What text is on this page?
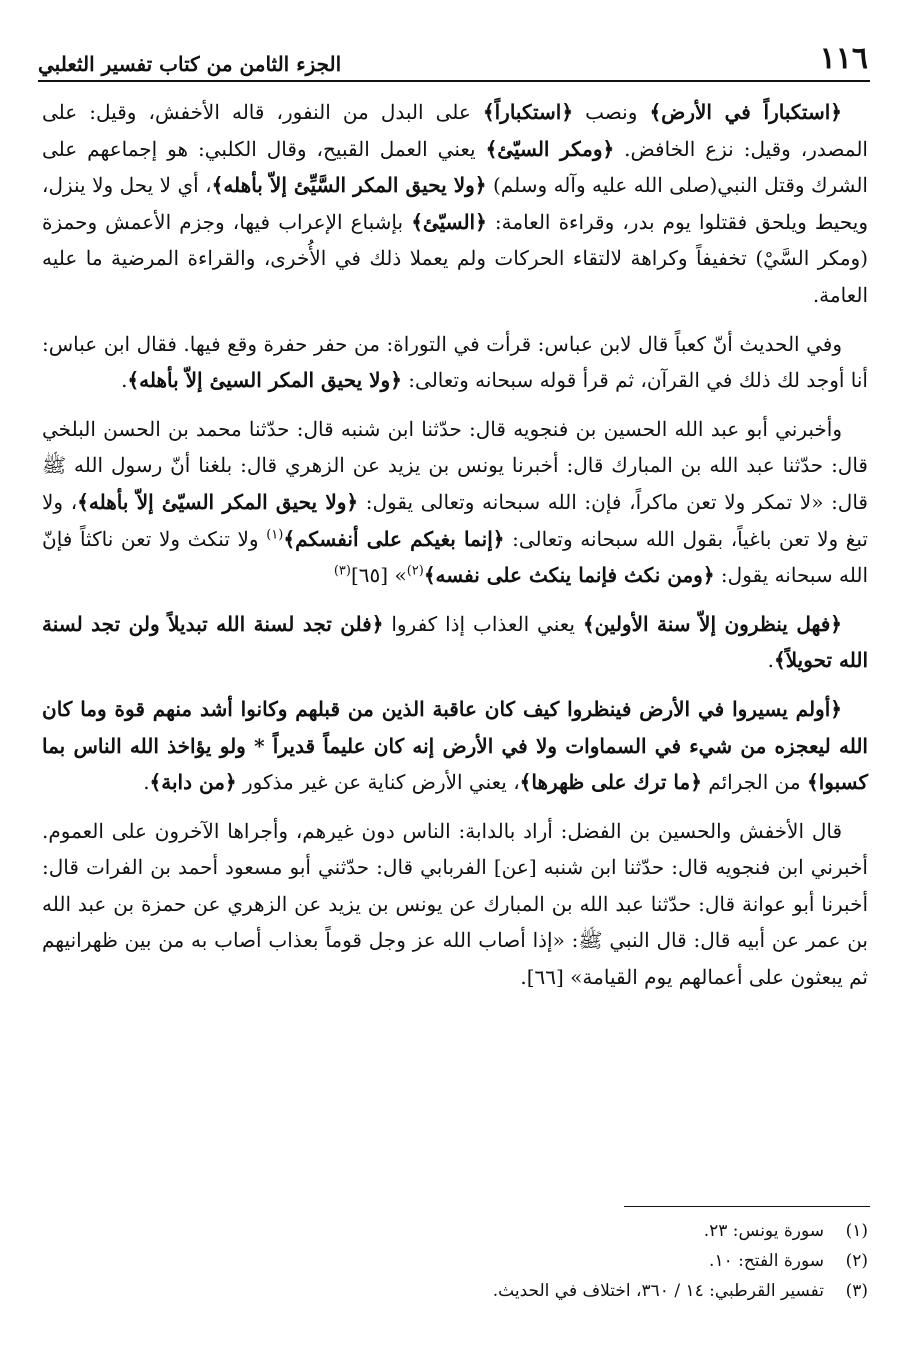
١١٦
الجزء الثامن من كتاب تفسير الثعلبي

﴿استكباراً في الأرض﴾ ونصب ﴿استكباراً﴾ على البدل من النفور، قاله الأخفش، وقيل: على المصدر، وقيل: نزع الخافض. ﴿ومكر السيّئ﴾ يعني العمل القبيح، وقال الكلبي: هو إجماعهم على الشرك وقتل النبي(صلى الله عليه وآله وسلم) ﴿ولا يحيق المكر السَّيِّئ إلاّ بأهله﴾، أي لا يحل ولا ينزل، ويحيط ويلحق فقتلوا يوم بدر، وقراءة العامة: ﴿السيّئ﴾ بإشباع الإعراب فيها، وجزم الأعمش وحمزة (ومكر السَّيْ) تخفيفاً وكراهة لالتقاء الحركات ولم يعملا ذلك في الأُخرى، والقراءة المرضية ما عليه العامة.

وفي الحديث أنّ كعباً قال لابن عباس: قرأت في التوراة: من حفر حفرة وقع فيها. فقال ابن عباس: أنا أوجد لك ذلك في القرآن، ثم قرأ قوله سبحانه وتعالى: ﴿ولا يحيق المكر السيئ إلاّ بأهله﴾.

وأخبرني أبو عبد الله الحسين بن فنجويه قال: حدّثنا ابن شنبه قال: حدّثنا محمد بن الحسن البلخي قال: حدّثنا عبد الله بن المبارك قال: أخبرنا يونس بن يزيد عن الزهري قال: بلغنا أنّ رسول الله ﷺ قال: «لا تمكر ولا تعن ماكراً، فإن: الله سبحانه وتعالى يقول: ﴿ولا يحيق المكر السيّئ إلاّ بأهله﴾، ولا تبغ ولا تعن باغياً، بقول الله سبحانه وتعالى: ﴿إنما بغيكم على أنفسكم﴾$^{(١)}$ ولا تنكث ولا تعن ناكثاً فإنّ الله سبحانه يقول: ﴿ومن نكث فإنما ينكث على نفسه﴾$^{(٢)}$» [٦٥]$^{(٣)}$

﴿فهل ينظرون إلاّ سنة الأولين﴾ يعني العذاب إذا كفروا ﴿فلن تجد لسنة الله تبديلاً ولن تجد لسنة الله تحويلاً﴾.

﴿أولم يسيروا في الأرض فينظروا كيف كان عاقبة الذين من قبلهم وكانوا أشد منهم قوة وما كان الله ليعجزه من شيء في السماوات ولا في الأرض إنه كان عليماً قديراً * ولو يؤاخذ الله الناس بما كسبوا﴾ من الجرائم ﴿ما ترك على ظهرها﴾، يعني الأرض كناية عن غير مذكور ﴿من دابة﴾.

قال الأخفش والحسين بن الفضل: أراد بالدابة: الناس دون غيرهم، وأجراها الآخرون على العموم. أخبرني ابن فنجويه قال: حدّثنا ابن شنبه [عن] الفربابي قال: حدّثني أبو مسعود أحمد بن الفرات قال: أخبرنا أبو عوانة قال: حدّثنا عبد الله بن المبارك عن يونس بن يزيد عن الزهري عن حمزة بن عبد الله بن عمر عن أبيه قال: قال النبي ﷺ: «إذا أصاب الله عز وجل قوماً بعذاب أصاب به من بين ظهرانيهم ثم يبعثون على أعمالهم يوم القيامة» [٦٦].

(١)
سورة يونس: ٢٣.
(٢)
سورة الفتح: ١٠.
(٣)
تفسير القرطبي: ١٤ / ٣٦٠، اختلاف في الحديث.
